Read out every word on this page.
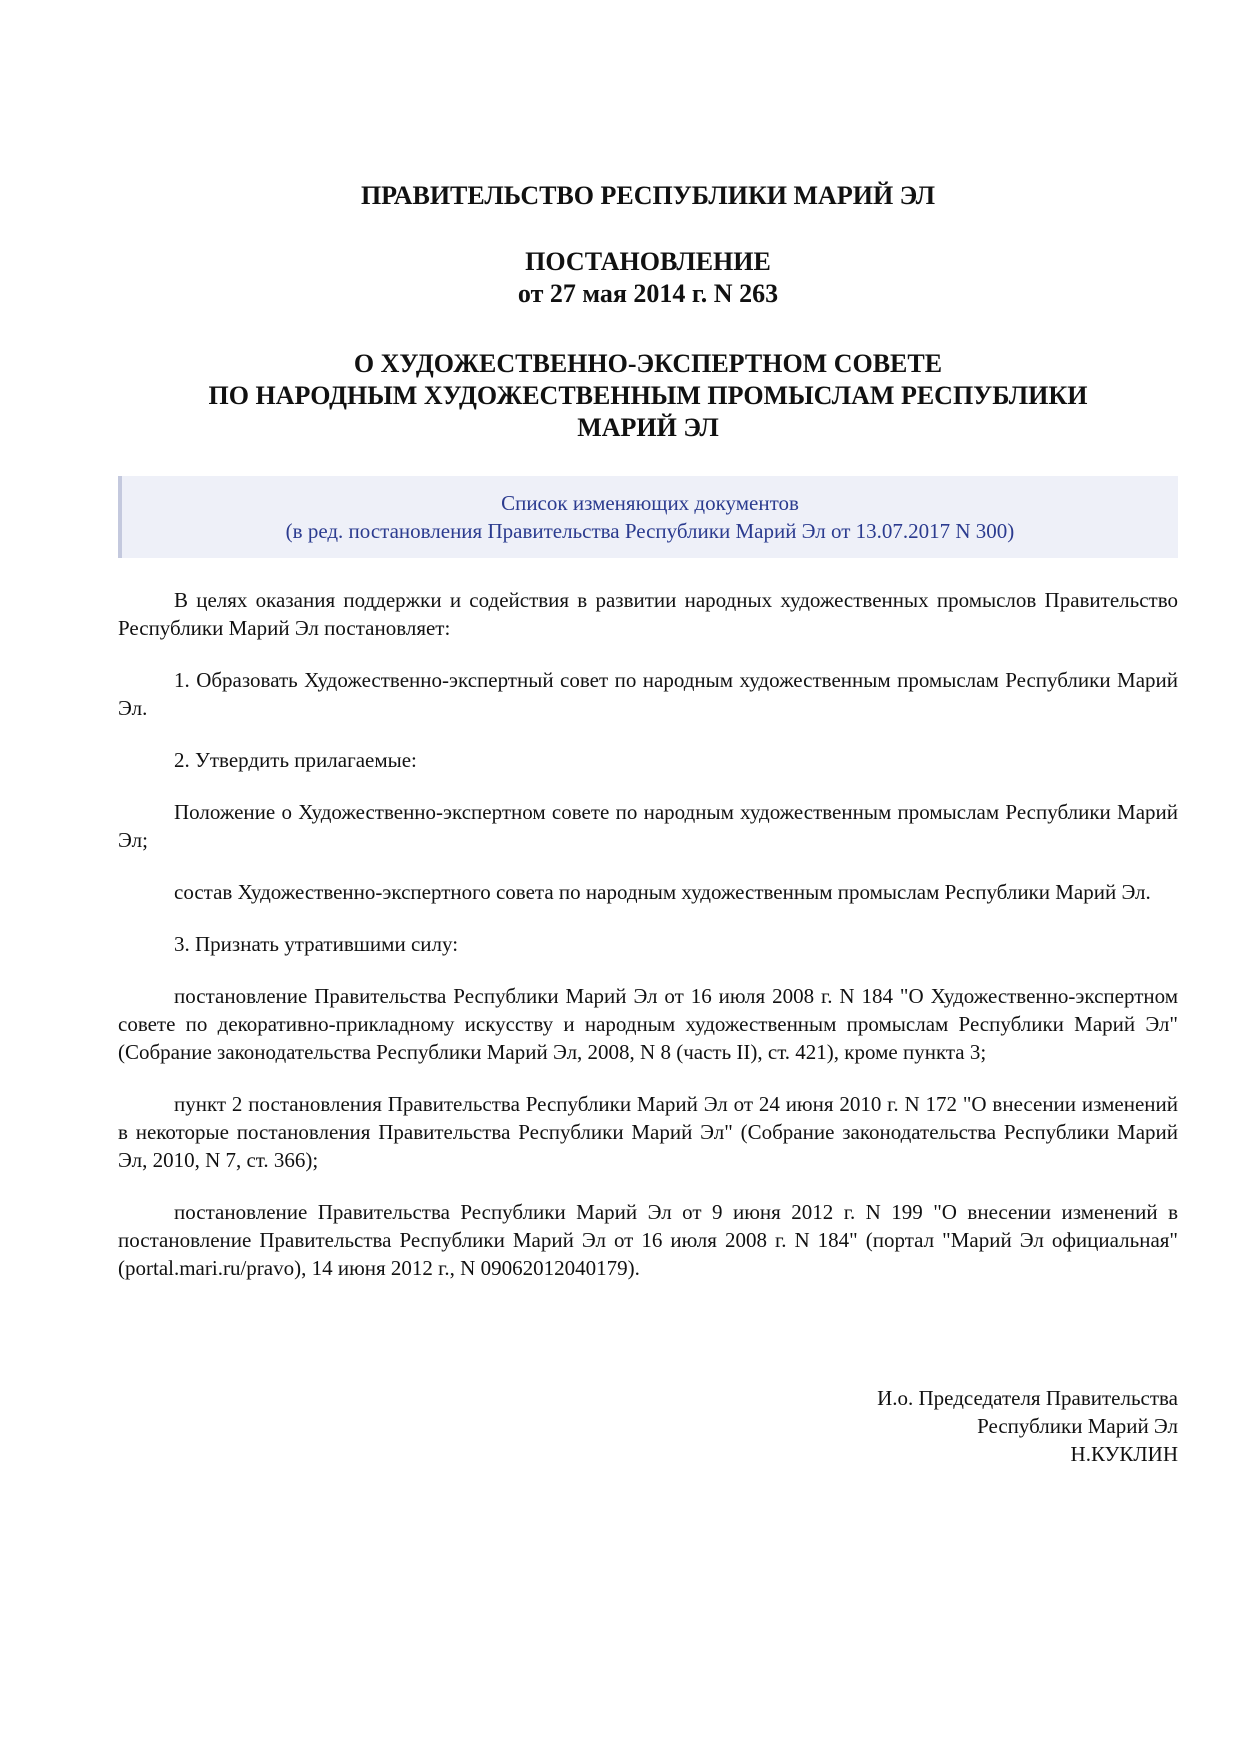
ПРАВИТЕЛЬСТВО РЕСПУБЛИКИ МАРИЙ ЭЛ
ПОСТАНОВЛЕНИЕ
от 27 мая 2014 г. N 263
О ХУДОЖЕСТВЕННО-ЭКСПЕРТНОМ СОВЕТЕ
ПО НАРОДНЫМ ХУДОЖЕСТВЕННЫМ ПРОМЫСЛАМ РЕСПУБЛИКИ
МАРИЙ ЭЛ
Список изменяющих документов
(в ред. постановления Правительства Республики Марий Эл от 13.07.2017 N 300)

В целях оказания поддержки и содействия в развитии народных художественных промыслов Правительство Республики Марий Эл постановляет:

1. Образовать Художественно-экспертный совет по народным художественным промыслам Республики Марий Эл.

2. Утвердить прилагаемые:

Положение о Художественно-экспертном совете по народным художественным промыслам Республики Марий Эл;

состав Художественно-экспертного совета по народным художественным промыслам Республики Марий Эл.

3. Признать утратившими силу:

постановление Правительства Республики Марий Эл от 16 июля 2008 г. N 184 "О Художественно-экспертном совете по декоративно-прикладному искусству и народным художественным промыслам Республики Марий Эл" (Собрание законодательства Республики Марий Эл, 2008, N 8 (часть II), ст. 421), кроме пункта 3;

пункт 2 постановления Правительства Республики Марий Эл от 24 июня 2010 г. N 172 "О внесении изменений в некоторые постановления Правительства Республики Марий Эл" (Собрание законодательства Республики Марий Эл, 2010, N 7, ст. 366);

постановление Правительства Республики Марий Эл от 9 июня 2012 г. N 199 "О внесении изменений в постановление Правительства Республики Марий Эл от 16 июля 2008 г. N 184" (портал "Марий Эл официальная" (portal.mari.ru/pravo), 14 июня 2012 г., N 09062012040179).

И.о. Председателя Правительства
Республики Марий Эл
Н.КУКЛИН
